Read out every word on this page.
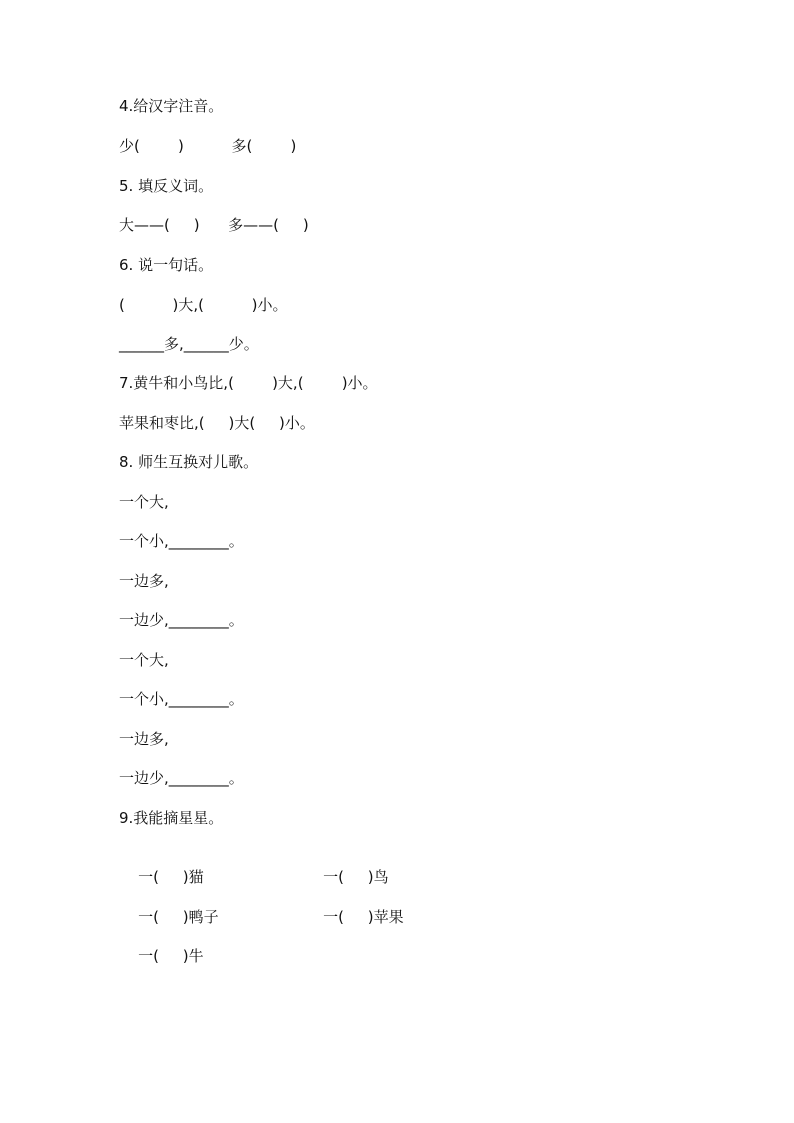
4.给汉字注音。
少(        )          多(        )
5. 填反义词。
大——(     )      多——(     )
6. 说一句话。
(          )大,(          )小。
______多,______少。
7.黄牛和小鸟比,(        )大,(        )小。
苹果和枣比,(     )大(     )小。
8. 师生互换对儿歌。
一个大,
一个小,________。
一边多,
一边少,________。
一个大,
一个小,________。
一边多,
一边少,________。
9.我能摘星星。

一(     )猫
	一(     )鸟

一(     )鸭子
	一(     )苹果

一(     )牛
